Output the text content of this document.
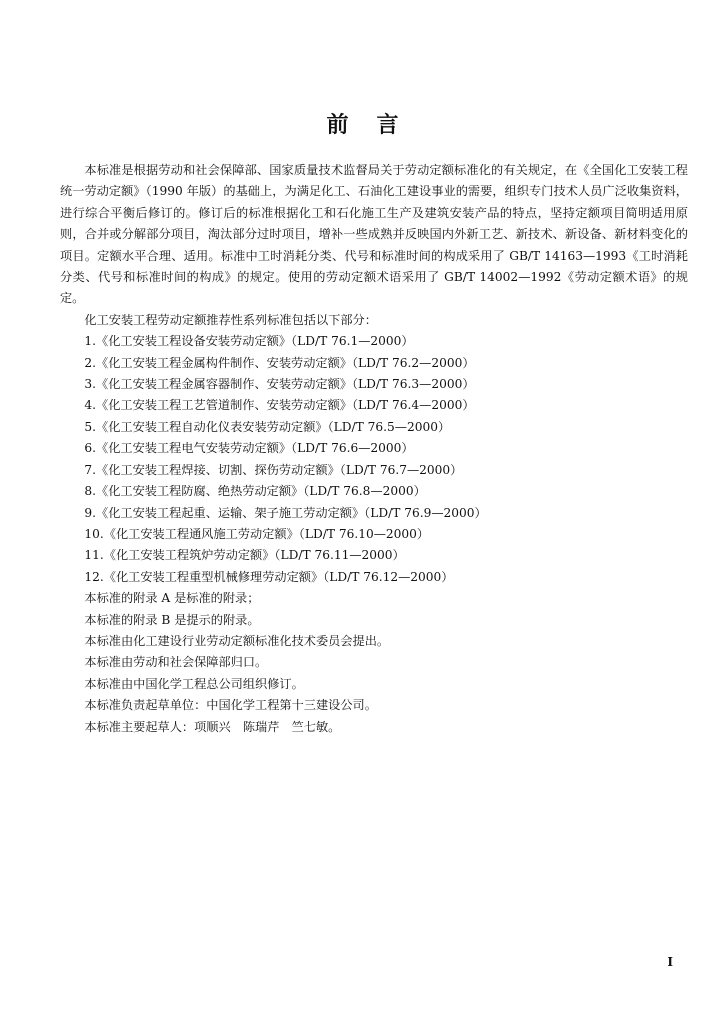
前言

本标准是根据劳动和社会保障部、国家质量技术监督局关于劳动定额标准化的有关规定，在《全国化工安装工程统一劳动定额》（1990 年版）的基础上，为满足化工、石油化工建设事业的需要，组织专门技术人员广泛收集资料，进行综合平衡后修订的。修订后的标准根据化工和石化施工生产及建筑安装产品的特点，坚持定额项目简明适用原则，合并或分解部分项目，淘汰部分过时项目，增补一些成熟并反映国内外新工艺、新技术、新设备、新材料变化的项目。定额水平合理、适用。标准中工时消耗分类、代号和标准时间的构成采用了 GB/T 14163—1993《工时消耗分类、代号和标准时间的构成》的规定。使用的劳动定额术语采用了 GB/T 14002—1992《劳动定额术语》的规定。

化工安装工程劳动定额推荐性系列标准包括以下部分：

1.《化工安装工程设备安装劳动定额》（LD/T 76.1—2000）
2.《化工安装工程金属构件制作、安装劳动定额》（LD/T 76.2—2000）
3.《化工安装工程金属容器制作、安装劳动定额》（LD/T 76.3—2000）
4.《化工安装工程工艺管道制作、安装劳动定额》（LD/T 76.4—2000）
5.《化工安装工程自动化仪表安装劳动定额》（LD/T 76.5—2000）
6.《化工安装工程电气安装劳动定额》（LD/T 76.6—2000）
7.《化工安装工程焊接、切割、探伤劳动定额》（LD/T 76.7—2000）
8.《化工安装工程防腐、绝热劳动定额》（LD/T 76.8—2000）
9.《化工安装工程起重、运输、架子施工劳动定额》（LD/T 76.9—2000）
10.《化工安装工程通风施工劳动定额》（LD/T 76.10—2000）
11.《化工安装工程筑炉劳动定额》（LD/T 76.11—2000）
12.《化工安装工程重型机械修理劳动定额》（LD/T 76.12—2000）
本标准的附录 A 是标准的附录；
本标准的附录 B 是提示的附录。
本标准由化工建设行业劳动定额标准化技术委员会提出。
本标准由劳动和社会保障部归口。
本标准由中国化学工程总公司组织修订。
本标准负责起草单位：中国化学工程第十三建设公司。
本标准主要起草人：项顺兴　陈瑞芹　竺七敏。
I
